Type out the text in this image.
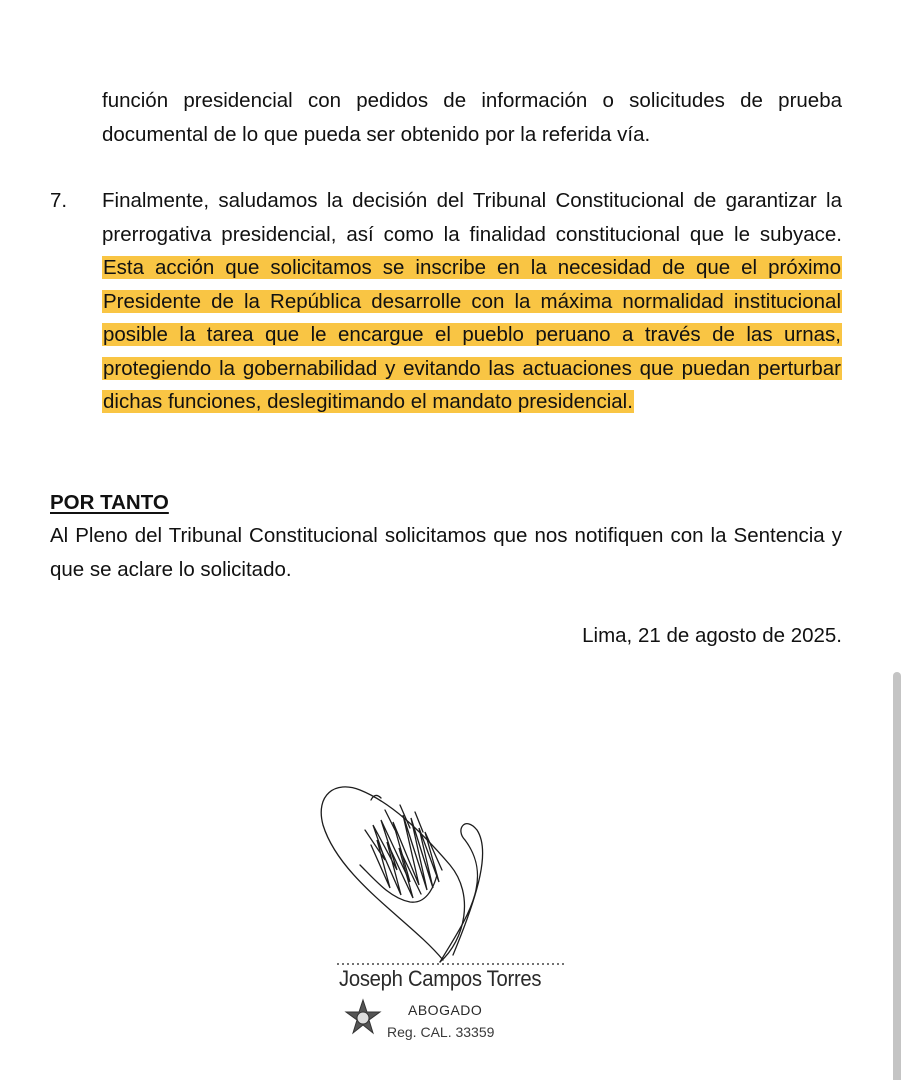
función presidencial con pedidos de información o solicitudes de prueba documental de lo que pueda ser obtenido por la referida vía.

7. Finalmente, saludamos la decisión del Tribunal Constitucional de garantizar la prerrogativa presidencial, así como la finalidad constitucional que le subyace. Esta acción que solicitamos se inscribe en la necesidad de que el próximo Presidente de la República desarrolle con la máxima normalidad institucional posible la tarea que le encargue el pueblo peruano a través de las urnas, protegiendo la gobernabilidad y evitando las actuaciones que puedan perturbar dichas funciones, deslegitimando el mandato presidencial.

POR TANTO

Al Pleno del Tribunal Constitucional solicitamos que nos notifiquen con la Sentencia y que se aclare lo solicitado.

Lima, 21 de agosto de 2025.
Joseph Campos Torres
ABOGADO
Reg. CAL. 33359
